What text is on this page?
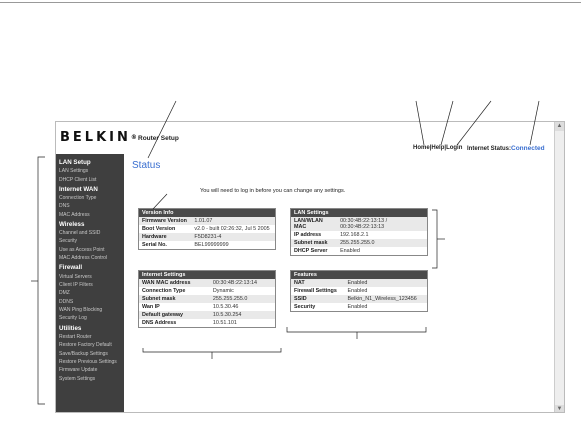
BELKIN® Router Setup
Home|Help|Login Internet Status:Connected
LAN Setup
LAN Settings
DHCP Client List
Internet WAN
Connection Type
DNS
MAC Address
Wireless
Channel and SSID
Security
Use as Access Point
MAC Address Control
Firewall
Virtual Servers
Client IP Filters
DMZ
DDNS
WAN Ping Blocking
Security Log
Utilities
Restart Router
Restore Factory Default
Save/Backup Settings
Restore Previous Settings
Firmware Update
System Settings
Status
You will need to log in before you can change any settings.
Version Info
Firmware Version	1.01.07
Boot Version	v2.0 - built 02:26:32, Jul 5 2005
Hardware	F5D8231-4
Serial No.	BEL99999999
LAN Settings
LAN/WLAN MAC	00:30:4B:22:13:13 / 00:30:4B:22:13:13
IP address	192.168.2.1
Subnet mask	255.255.255.0
DHCP Server	Enabled
Internet Settings
WAN MAC address	00:30:4B:22:13:14
Connection Type	Dynamic
Subnet mask	255.255.255.0
Wan IP	10.5.30.46
Default gateway	10.5.30.254
DNS Address	10.51.101
Features
NAT	Enabled
Firewall Settings	Enabled
SSID	Belkin_N1_Wireless_123456
Security	Enabled
▲
▼
